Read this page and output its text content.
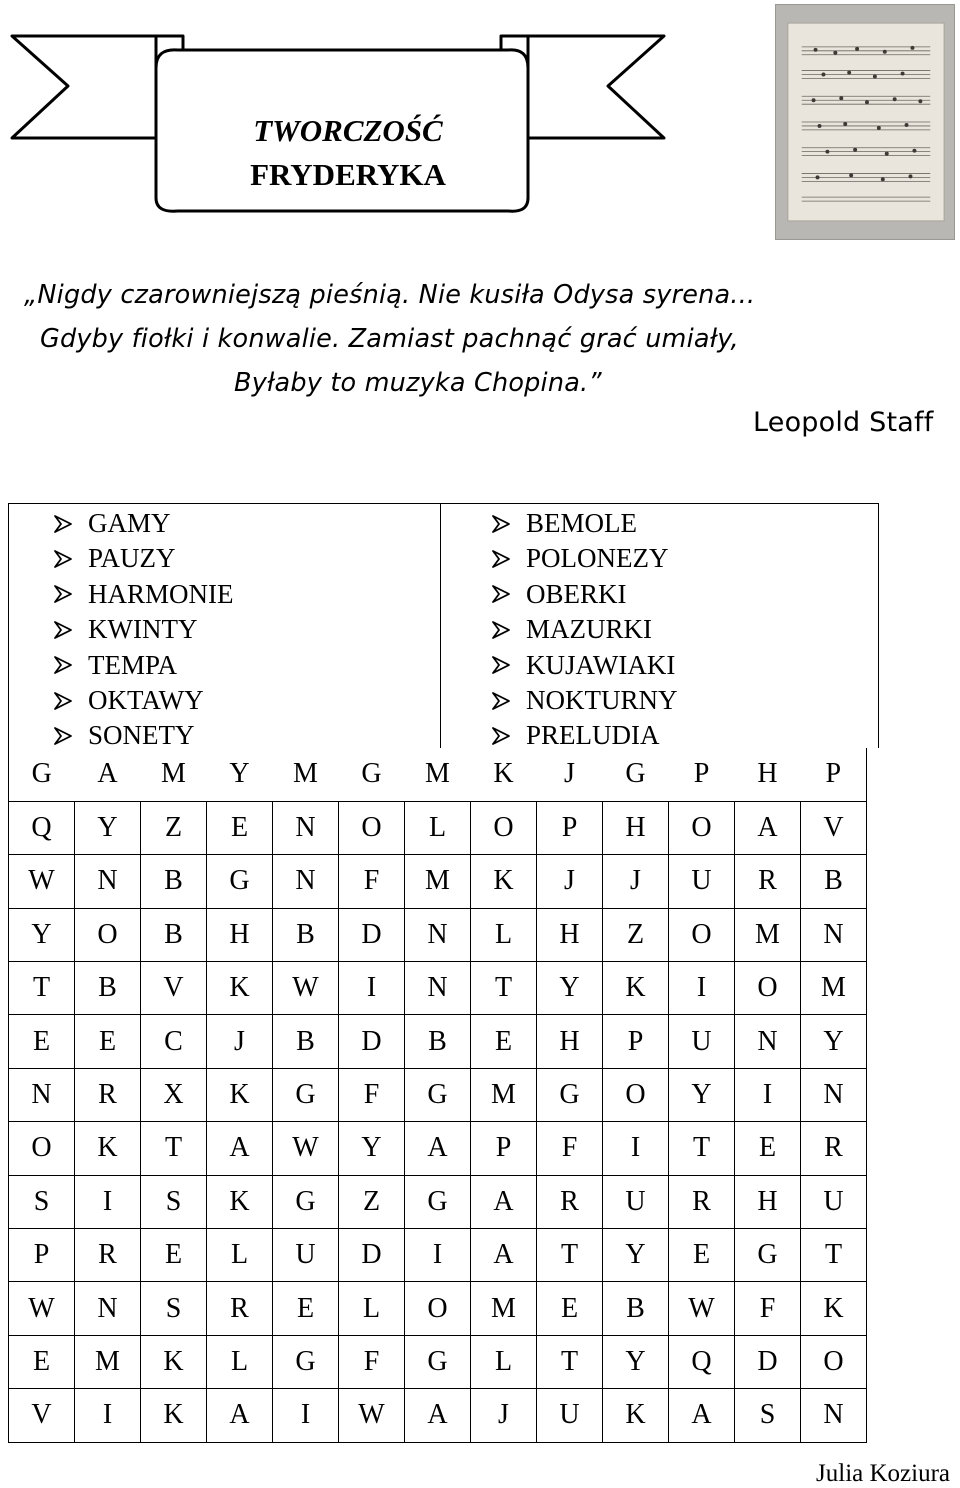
TWORCZOŚĆ
FRYDERYKA
„Nigdy czarowniejszą pieśnią. Nie kusiła Odysa syrena...
Gdyby fiołki i konwalie. Zamiast pachnąć grać umiały,
Byłaby to muzyka Chopina.”
Leopold Staff
GAMY
PAUZY
HARMONIE
KWINTY
TEMPA
OKTAWY
SONETY
BEMOLE
POLONEZY
OBERKI
MAZURKI
KUJAWIAKI
NOKTURNY
PRELUDIA
G	A	M	Y	M	G	M	K	J	G	P	H	P
Q	Y	Z	E	N	O	L	O	P	H	O	A	V
W	N	B	G	N	F	M	K	J	J	U	R	B
Y	O	B	H	B	D	N	L	H	Z	O	M	N
T	B	V	K	W	I	N	T	Y	K	I	O	M
E	E	C	J	B	D	B	E	H	P	U	N	Y
N	R	X	K	G	F	G	M	G	O	Y	I	N
O	K	T	A	W	Y	A	P	F	I	T	E	R
S	I	S	K	G	Z	G	A	R	U	R	H	U
P	R	E	L	U	D	I	A	T	Y	E	G	T
W	N	S	R	E	L	O	M	E	B	W	F	K
E	M	K	L	G	F	G	L	T	Y	Q	D	O
V	I	K	A	I	W	A	J	U	K	A	S	N
Julia Koziura
